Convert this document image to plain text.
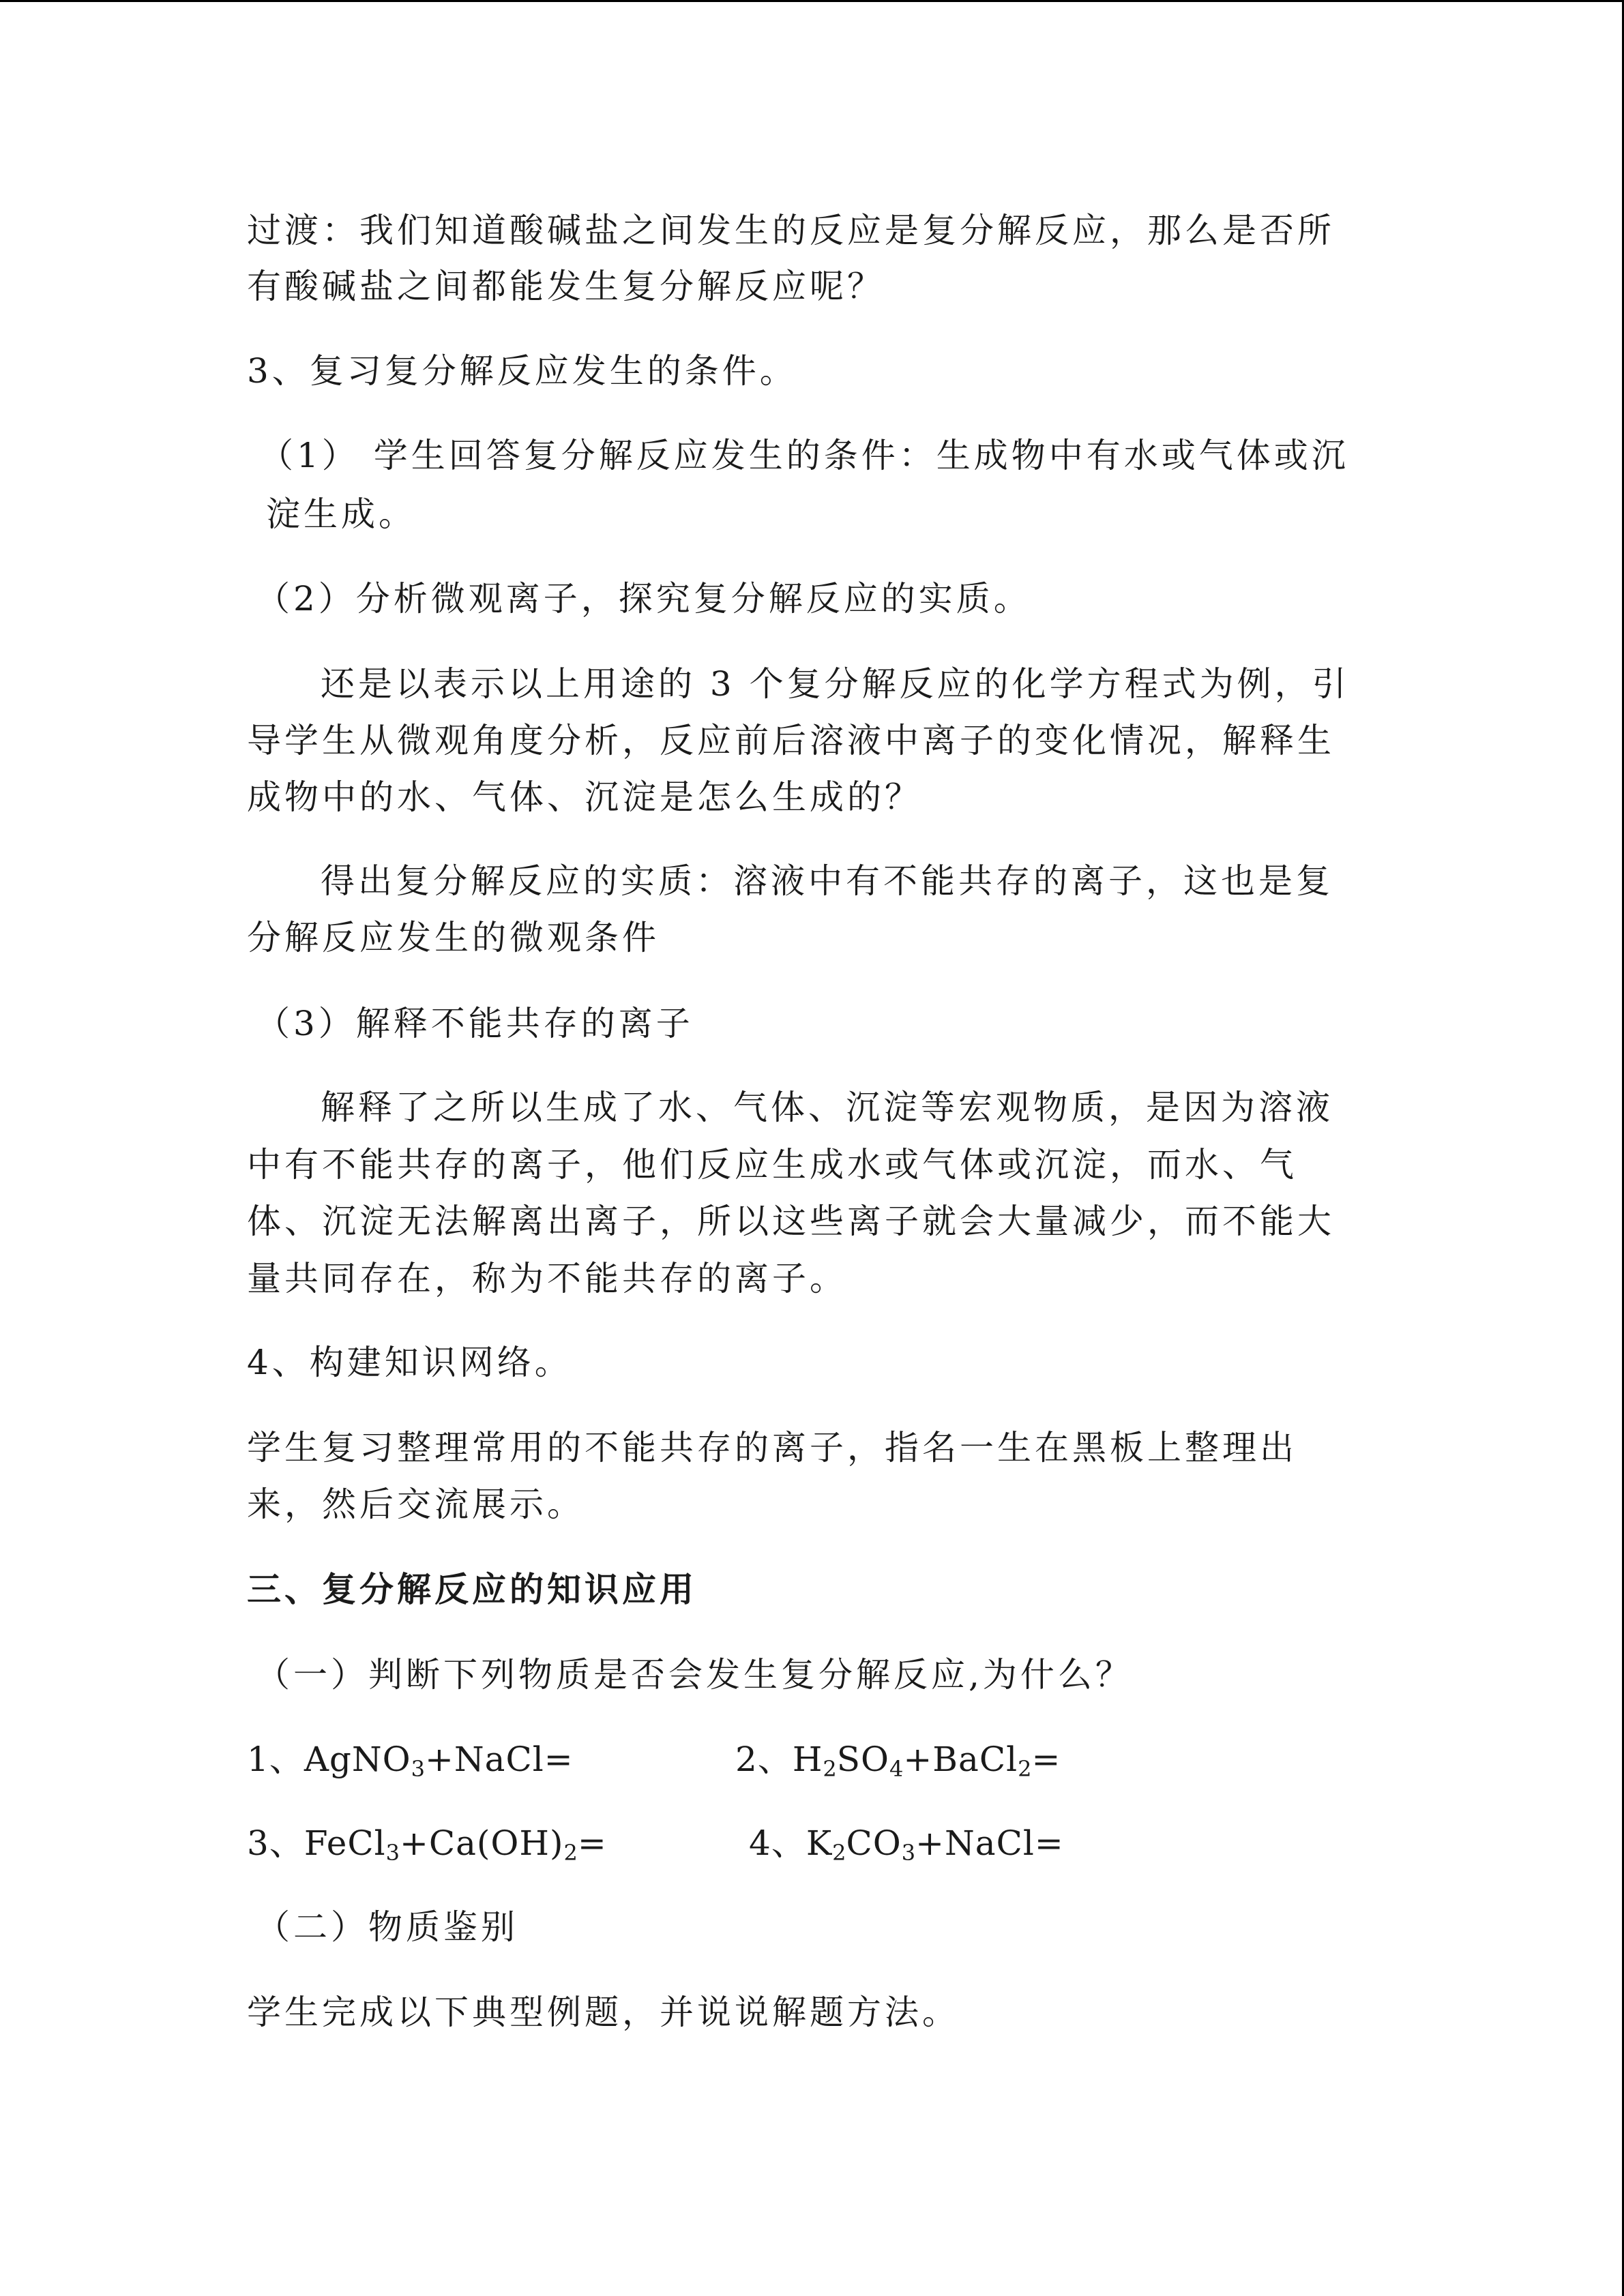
过渡：我们知道酸碱盐之间发生的反应是复分解反应，那么是否所
有酸碱盐之间都能发生复分解反应呢？
3、复习复分解反应发生的条件。
（1） 学生回答复分解反应发生的条件：生成物中有水或气体或沉
淀生成。
（2）分析微观离子，探究复分解反应的实质。
还是以表示以上用途的 3 个复分解反应的化学方程式为例，引
导学生从微观角度分析，反应前后溶液中离子的变化情况，解释生
成物中的水、气体、沉淀是怎么生成的？
得出复分解反应的实质：溶液中有不能共存的离子，这也是复
分解反应发生的微观条件
（3）解释不能共存的离子
解释了之所以生成了水、气体、沉淀等宏观物质，是因为溶液
中有不能共存的离子，他们反应生成水或气体或沉淀，而水、气
体、沉淀无法解离出离子，所以这些离子就会大量减少，而不能大
量共同存在，称为不能共存的离子。
4、构建知识网络。
学生复习整理常用的不能共存的离子，指名一生在黑板上整理出
来，然后交流展示。
三、复分解反应的知识应用
（一）判断下列物质是否会发生复分解反应,为什么？
1、AgNO$_3$+NaCl=	2、$H_2SO_4+BaCl_2=$
3、$FeCl_3+Ca(OH)_2=$	4、$K_2CO_3+NaCl=$
（二）物质鉴别
学生完成以下典型例题，并说说解题方法。
